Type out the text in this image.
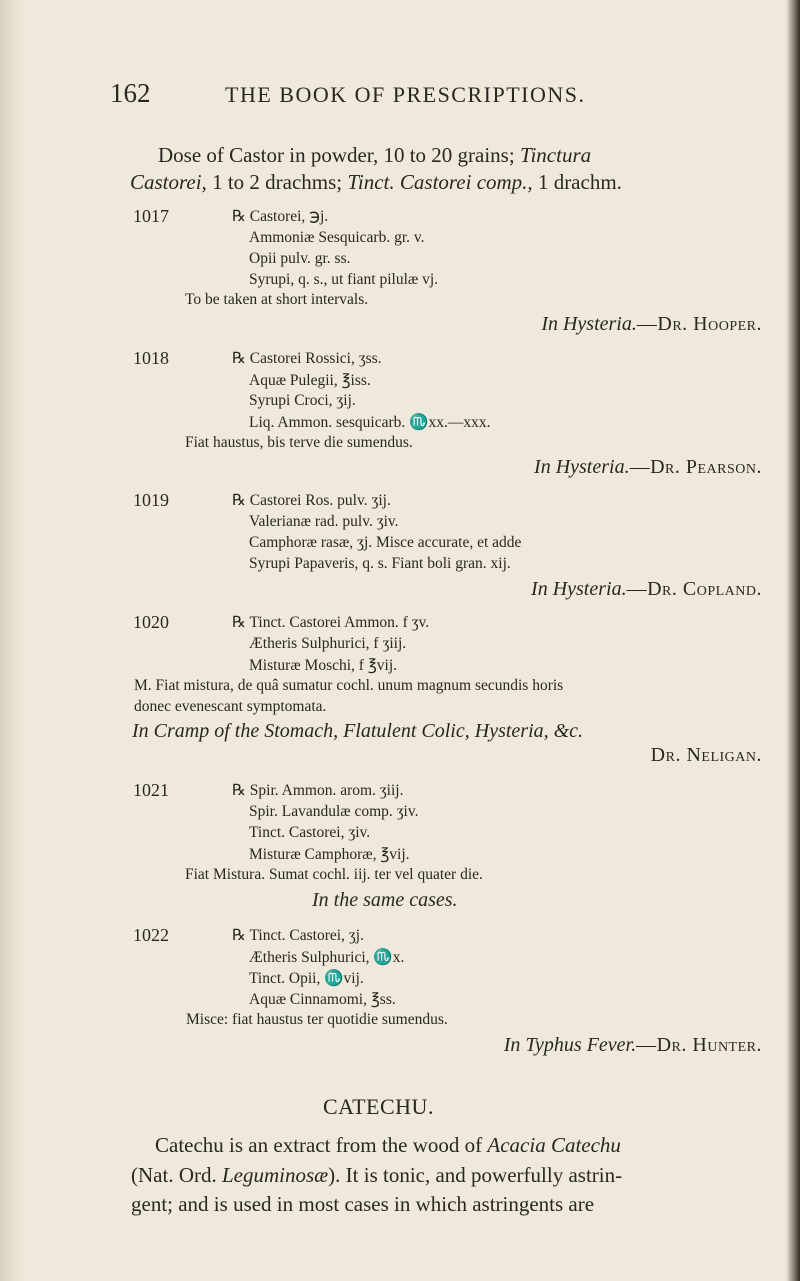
162	THE BOOK OF PRESCRIPTIONS.
Dose of Castor in powder, 10 to 20 grains; Tinctura
Castorei, 1 to 2 drachms; Tinct. Castorei comp., 1 drachm.
1017	℞ Castorei, ℈j.
Ammoniæ Sesquicarb. gr. v.
Opii pulv. gr. ss.
Syrupi, q. s., ut fiant pilulæ vj.
To be taken at short intervals.
In Hysteria.—Dr. Hooper.
1018	℞ Castorei Rossici, ʒss.
Aquæ Pulegii, ℥iss.
Syrupi Croci, ʒij.
Liq. Ammon. sesquicarb. ♏xx.—xxx.
Fiat haustus, bis terve die sumendus.
In Hysteria.—Dr. Pearson.
1019	℞ Castorei Ros. pulv. ʒij.
Valerianæ rad. pulv. ʒiv.
Camphoræ rasæ, ʒj. Misce accurate, et adde
Syrupi Papaveris, q. s. Fiant boli gran. xij.
In Hysteria.—Dr. Copland.
1020	℞ Tinct. Castorei Ammon. f ʒv.
Ætheris Sulphurici, f ʒiij.
Misturæ Moschi, f ℥vij.
M. Fiat mistura, de quâ sumatur cochl. unum magnum secundis horis
donec evenescant symptomata.
In Cramp of the Stomach, Flatulent Colic, Hysteria, &c.
Dr. Neligan.
1021	℞ Spir. Ammon. arom. ʒiij.
Spir. Lavandulæ comp. ʒiv.
Tinct. Castorei, ʒiv.
Misturæ Camphoræ, ℥vij.
Fiat Mistura. Sumat cochl. iij. ter vel quater die.
In the same cases.
1022	℞ Tinct. Castorei, ʒj.
Ætheris Sulphurici, ♏x.
Tinct. Opii, ♏vij.
Aquæ Cinnamomi, ℥ss.
Misce: fiat haustus ter quotidie sumendus.
In Typhus Fever.—Dr. Hunter.
CATECHU.
Catechu is an extract from the wood of Acacia Catechu
(Nat. Ord. Leguminosæ). It is tonic, and powerfully astrin-
gent; and is used in most cases in which astringents are
